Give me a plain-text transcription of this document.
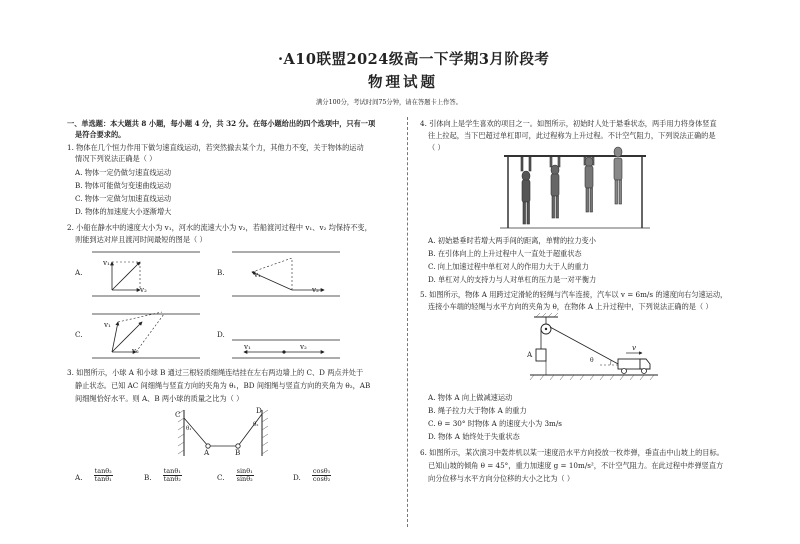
·A10联盟2024级高一下学期3月阶段考
物理试题
满分100分，考试时间75分钟，请在答题卡上作答。
一、单选题：本大题共 8 小题，每小题 4 分，共 32 分。在每小题给出的四个选项中，只有一项
是符合要求的。
1. 物体在几个恒力作用下做匀速直线运动，若突然撤去某个力，其他力不变，关于物体的运动
情况下列说法正确是（ ）
A. 物体一定仍做匀速直线运动
B. 物体可能做匀变速曲线运动
C. 物体一定做匀加速直线运动
D. 物体的加速度大小逐渐增大
2. 小船在静水中的速度大小为 v₁，河水的流速大小为 v₂，若船渡河过程中 v₁、v₂ 均保持不变，
则能到达对岸且渡河时间最短的图是（ ）
A.
v₁
v₂
B.	v₁
v₂
C.
v₁
v₂
D.
v₁	v₂
3. 如图所示，小球 A 和小球 B 通过三根轻质细绳连结挂在左右两边墙上的 C、D 两点并处于
静止状态。已知 AC 间细绳与竖直方向的夹角为 θ₁，BD 间细绳与竖直方向的夹角为 θ₂，AB
间细绳恰好水平。则 A、B 两小球的质量之比为（ ）
C	D
A	B
θ₁
θ₂
A. $\frac{\text{tanθ₂}}{\text{tanθ₁}}$	B. $\frac{\text{tanθ₁}}{\text{tanθ₂}}$	C. $\frac{\text{sinθ₁}}{\text{sinθ₂}}$	D. $\frac{\text{cosθ₁}}{\text{cosθ₂}}$
4. 引体向上是学生喜欢的项目之一。如图所示，初始时人处于悬垂状态，两手用力将身体竖直
往上拉起，当下巴超过单杠即可，此过程称为上升过程。不计空气阻力，下列说法正确的是
（ ）
A. 初始悬垂时若增大两手间的距离，单臂的拉力变小
B. 在引体向上的上升过程中人一直处于超重状态
C. 向上加速过程中单杠对人的作用力大于人的重力
D. 单杠对人的支持力与人对单杠的压力是一对平衡力
5. 如图所示，物体 A 用跨过定滑轮的轻绳与汽车连接，汽车以 v = 6m/s 的速度向右匀速运动，
连接小车端的轻绳与水平方向的夹角为 θ，在物体 A 上升过程中，下列说法正确的是（ ）
A
θ
v
A. 物体 A 向上做减速运动
B. 绳子拉力大于物体 A 的重力
C. θ = 30° 时物体 A 的速度大小为 3m/s
D. 物体 A 始终处于失重状态
6. 如图所示，某次演习中轰炸机以某一速度沿水平方向投放一枚炸弹，垂直击中山坡上的目标。
已知山坡的倾角 θ = 45°，重力加速度 g = 10m/s²，不计空气阻力。在此过程中炸弹竖直方
向分位移与水平方向分位移的大小之比为（ ）
